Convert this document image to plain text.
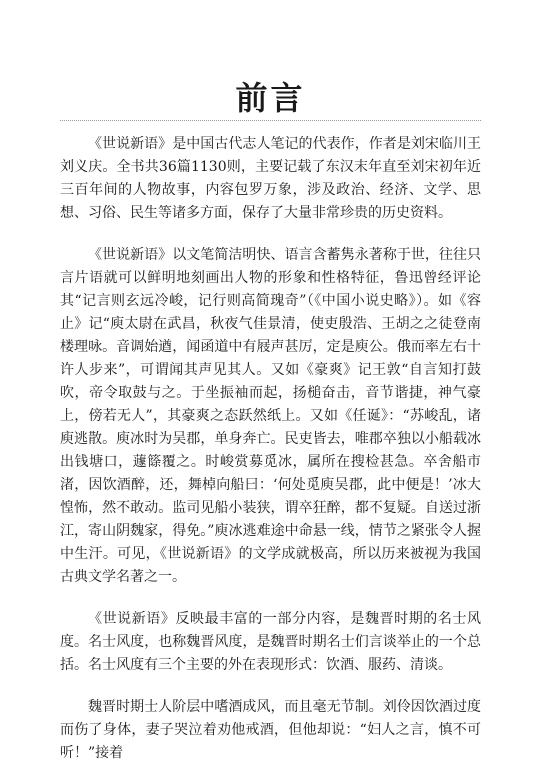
前言

《世说新语》是中国古代志人笔记的代表作，作者是刘宋临川王刘义庆。全书共36篇1130则，主要记载了东汉末年直至刘宋初年近三百年间的人物故事，内容包罗万象，涉及政治、经济、文学、思想、习俗、民生等诸多方面，保存了大量非常珍贵的历史资料。

《世说新语》以文笔简洁明快、语言含蓄隽永著称于世，往往只言片语就可以鲜明地刻画出人物的形象和性格特征，鲁迅曾经评论其“记言则玄远冷峻，记行则高简瑰奇”（《中国小说史略》）。如《容止》记“庾太尉在武昌，秋夜气佳景清，使吏殷浩、王胡之之徒登南楼理咏。音调始遒，闻函道中有屐声甚厉，定是庾公。俄而率左右十许人步来”，可谓闻其声见其人。又如《豪爽》记王敦“自言知打鼓吹，帝令取鼓与之。于坐振袖而起，扬槌奋击，音节谐捷，神气豪上，傍若无人”，其豪爽之态跃然纸上。又如《任诞》：“苏峻乱，诸庾逃散。庾冰时为吴郡，单身奔亡。民吏皆去，唯郡卒独以小船载冰出钱塘口，蘧篨覆之。时峻赏募觅冰，属所在搜检甚急。卒舍船市渚，因饮酒醉，还，舞棹向船曰：‘何处觅庾吴郡，此中便是！’冰大惶怖，然不敢动。监司见船小装狭，谓卒狂醉，都不复疑。自送过浙江，寄山阴魏家，得免。”庾冰逃难途中命悬一线，情节之紧张令人握中生汗。可见，《世说新语》的文学成就极高，所以历来被视为我国古典文学名著之一。

《世说新语》反映最丰富的一部分内容，是魏晋时期的名士风度。名士风度，也称魏晋风度，是魏晋时期名士们言谈举止的一个总括。名士风度有三个主要的外在表现形式：饮酒、服药、清谈。

魏晋时期士人阶层中嗜酒成风，而且毫无节制。刘伶因饮酒过度而伤了身体，妻子哭泣着劝他戒酒，但他却说：“妇人之言，慎不可听！”接着
